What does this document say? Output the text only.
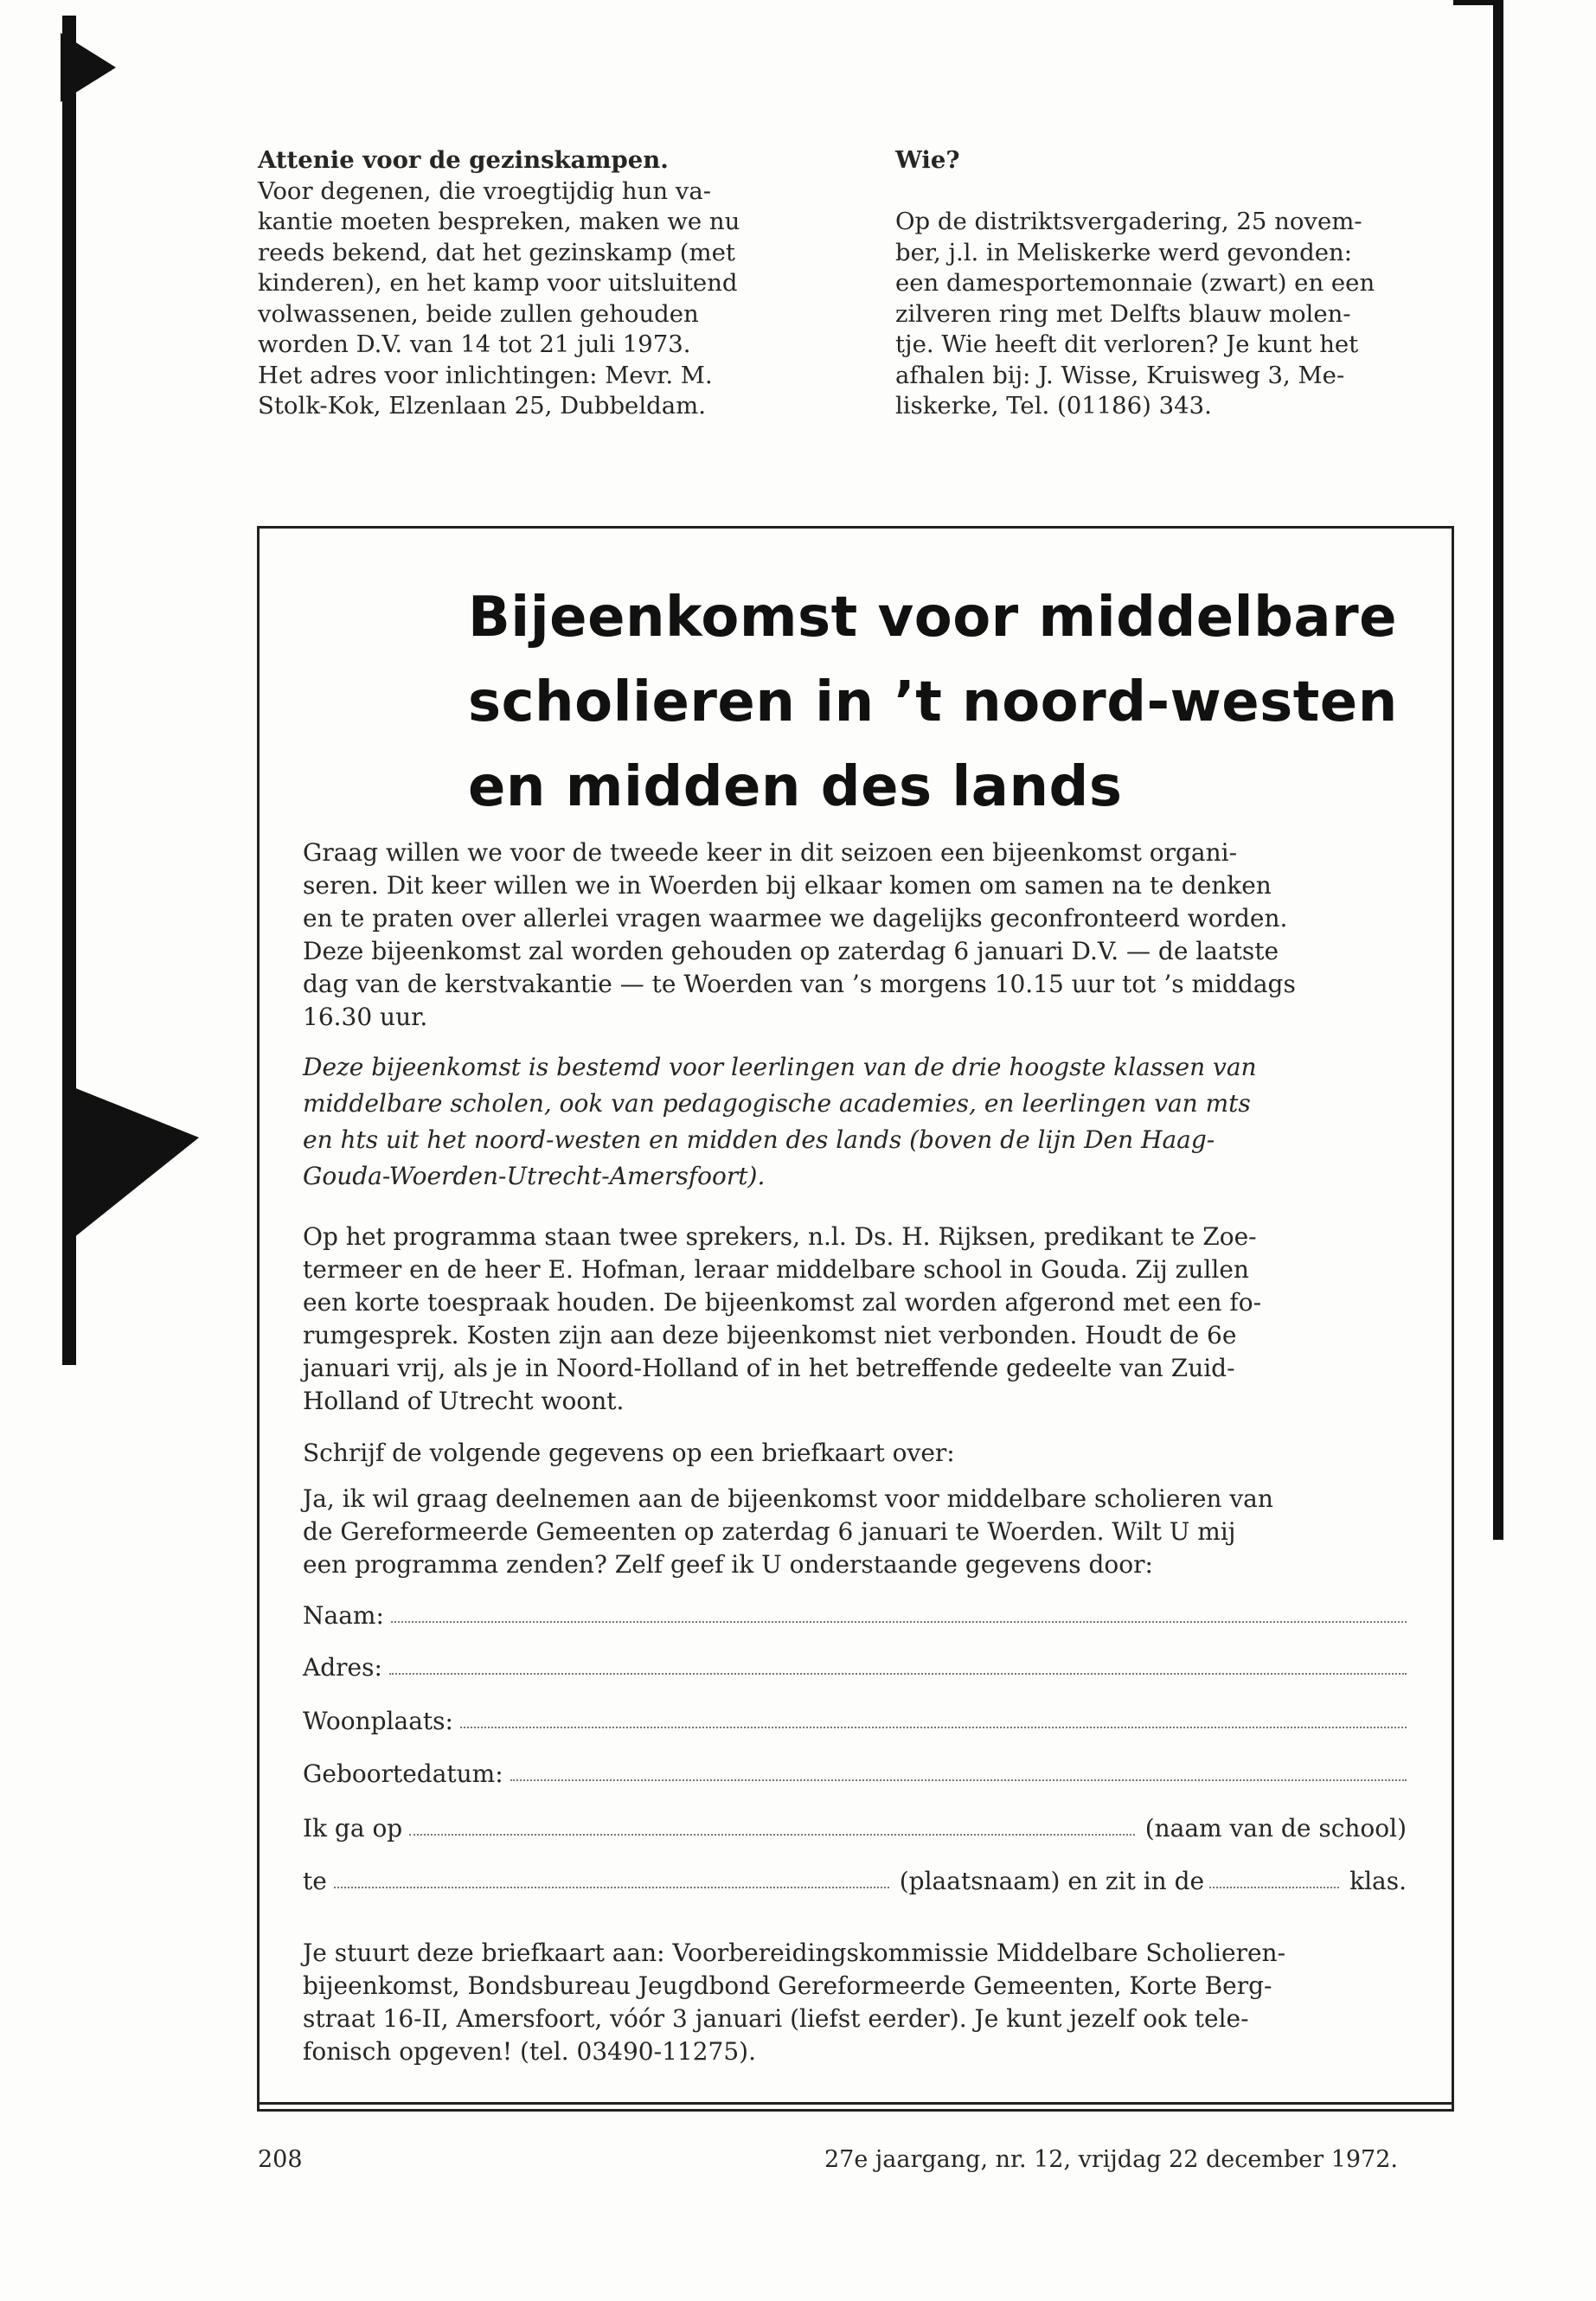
Attenie voor de gezinskampen.

Voor degenen, die vroegtijdig hun va-

kantie moeten bespreken, maken we nu

reeds bekend, dat het gezinskamp (met

kinderen), en het kamp voor uitsluitend

volwassenen, beide zullen gehouden

worden D.V. van 14 tot 21 juli 1973.

Het adres voor inlichtingen: Mevr. M.

Stolk-Kok, Elzenlaan 25, Dubbeldam.

Wie?

Op de distriktsvergadering, 25 novem-

ber, j.l. in Meliskerke werd gevonden:

een damesportemonnaie (zwart) en een

zilveren ring met Delfts blauw molen-

tje. Wie heeft dit verloren? Je kunt het

afhalen bij: J. Wisse, Kruisweg 3, Me-

liskerke, Tel. (01186) 343.

Bijeenkomst voor middelbare
scholieren in ’t noord-westen
en midden des lands

Graag willen we voor de tweede keer in dit seizoen een bijeenkomst organi-

seren. Dit keer willen we in Woerden bij elkaar komen om samen na te denken

en te praten over allerlei vragen waarmee we dagelijks geconfronteerd worden.

Deze bijeenkomst zal worden gehouden op zaterdag 6 januari D.V. — de laatste

dag van de kerstvakantie — te Woerden van ’s morgens 10.15 uur tot ’s middags

16.30 uur.

Deze bijeenkomst is bestemd voor leerlingen van de drie hoogste klassen van

middelbare scholen, ook van pedagogische academies, en leerlingen van mts

en hts uit het noord-westen en midden des lands (boven de lijn Den Haag-

Gouda-Woerden-Utrecht-Amersfoort).

Op het programma staan twee sprekers, n.l. Ds. H. Rijksen, predikant te Zoe-

termeer en de heer E. Hofman, leraar middelbare school in Gouda. Zij zullen

een korte toespraak houden. De bijeenkomst zal worden afgerond met een fo-

rumgesprek. Kosten zijn aan deze bijeenkomst niet verbonden. Houdt de 6e

januari vrij, als je in Noord-Holland of in het betreffende gedeelte van Zuid-

Holland of Utrecht woont.

Schrijf de volgende gegevens op een briefkaart over:

Ja, ik wil graag deelnemen aan de bijeenkomst voor middelbare scholieren van

de Gereformeerde Gemeenten op zaterdag 6 januari te Woerden. Wilt U mij

een programma zenden? Zelf geef ik U onderstaande gegevens door:

Naam:
Adres:
Woonplaats:
Geboortedatum:
Ik ga op	(naam van de school)
te	(plaatsnaam) en zit in de	klas.

Je stuurt deze briefkaart aan: Voorbereidingskommissie Middelbare Scholieren-

bijeenkomst, Bondsbureau Jeugdbond Gereformeerde Gemeenten, Korte Berg-

straat 16-II, Amersfoort, vóór 3 januari (liefst eerder). Je kunt jezelf ook tele-

fonisch opgeven! (tel. 03490-11275).

208	27e jaargang, nr. 12, vrijdag 22 december 1972.
